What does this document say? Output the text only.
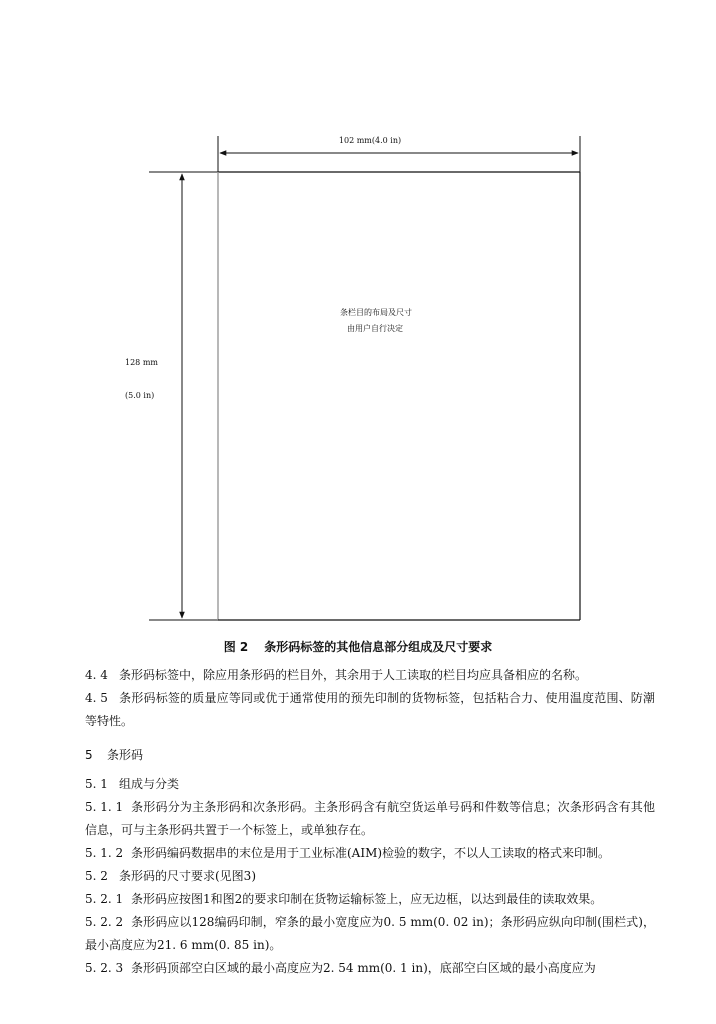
102 mm(4.0 in)
条栏目的布局及尺寸
由用户自行决定
128 mm
(5.0 in)
图 2 条形码标签的其他信息部分组成及尺寸要求
4. 4 条形码标签中，除应用条形码的栏目外，其余用于人工读取的栏目均应具备相应的名称。
4. 5 条形码标签的质量应等同或优于通常使用的预先印制的货物标签，包括粘合力、使用温度范围、防潮等特性。
5 条形码
5. 1 组成与分类
5. 1. 1 条形码分为主条形码和次条形码。主条形码含有航空货运单号码和件数等信息；次条形码含有其他信息，可与主条形码共置于一个标签上，或单独存在。
5. 1. 2 条形码编码数据串的末位是用于工业标准(AIM)检验的数字，不以人工读取的格式来印制。
5. 2 条形码的尺寸要求(见图3)
5. 2. 1 条形码应按图1和图2的要求印制在货物运输标签上，应无边框，以达到最佳的读取效果。
5. 2. 2 条形码应以128编码印制，窄条的最小宽度应为0. 5 mm(0. 02 in)；条形码应纵向印制(围栏式)，最小高度应为21. 6 mm(0. 85 in)。
5. 2. 3 条形码顶部空白区域的最小高度应为2. 54 mm(0. 1 in)，底部空白区域的最小高度应为
